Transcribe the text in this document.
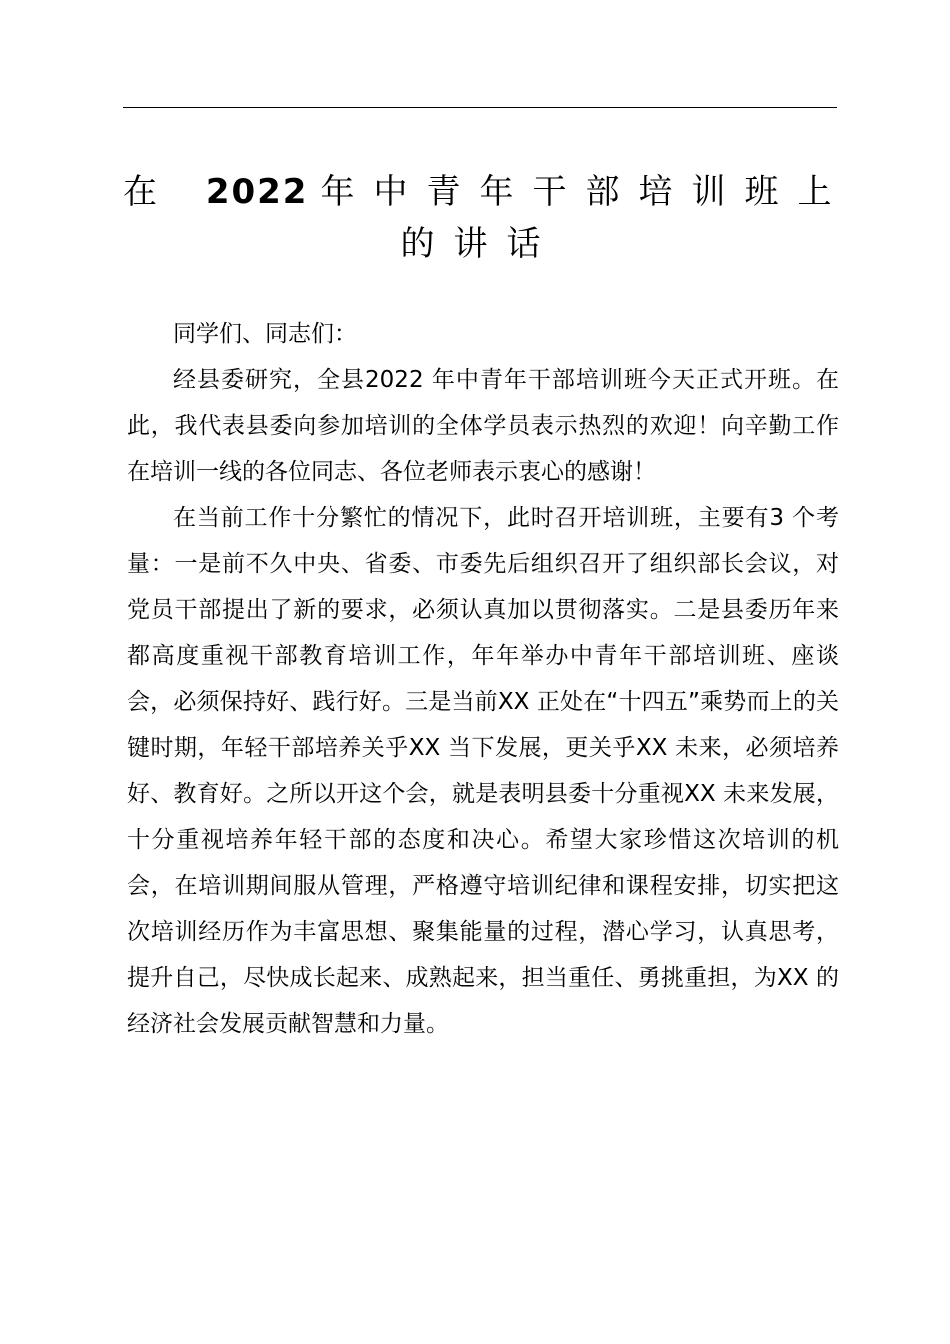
在 2022 年中青年干部培训班上
的讲话

同学们、同志们：

经县委研究，全县2022 年中青年干部培训班今天正式开班。在此，我代表县委向参加培训的全体学员表示热烈的欢迎！向辛勤工作在培训一线的各位同志、各位老师表示衷心的感谢！

在当前工作十分繁忙的情况下，此时召开培训班，主要有3 个考量：一是前不久中央、省委、市委先后组织召开了组织部长会议，对党员干部提出了新的要求，必须认真加以贯彻落实。二是县委历年来都高度重视干部教育培训工作，年年举办中青年干部培训班、座谈会，必须保持好、践行好。三是当前XX 正处在“十四五”乘势而上的关键时期，年轻干部培养关乎XX 当下发展，更关乎XX 未来，必须培养好、教育好。之所以开这个会，就是表明县委十分重视XX 未来发展，十分重视培养年轻干部的态度和决心。希望大家珍惜这次培训的机会，在培训期间服从管理，严格遵守培训纪律和课程安排，切实把这次培训经历作为丰富思想、聚集能量的过程，潜心学习，认真思考，提升自己，尽快成长起来、成熟起来，担当重任、勇挑重担，为XX 的经济社会发展贡献智慧和力量。
